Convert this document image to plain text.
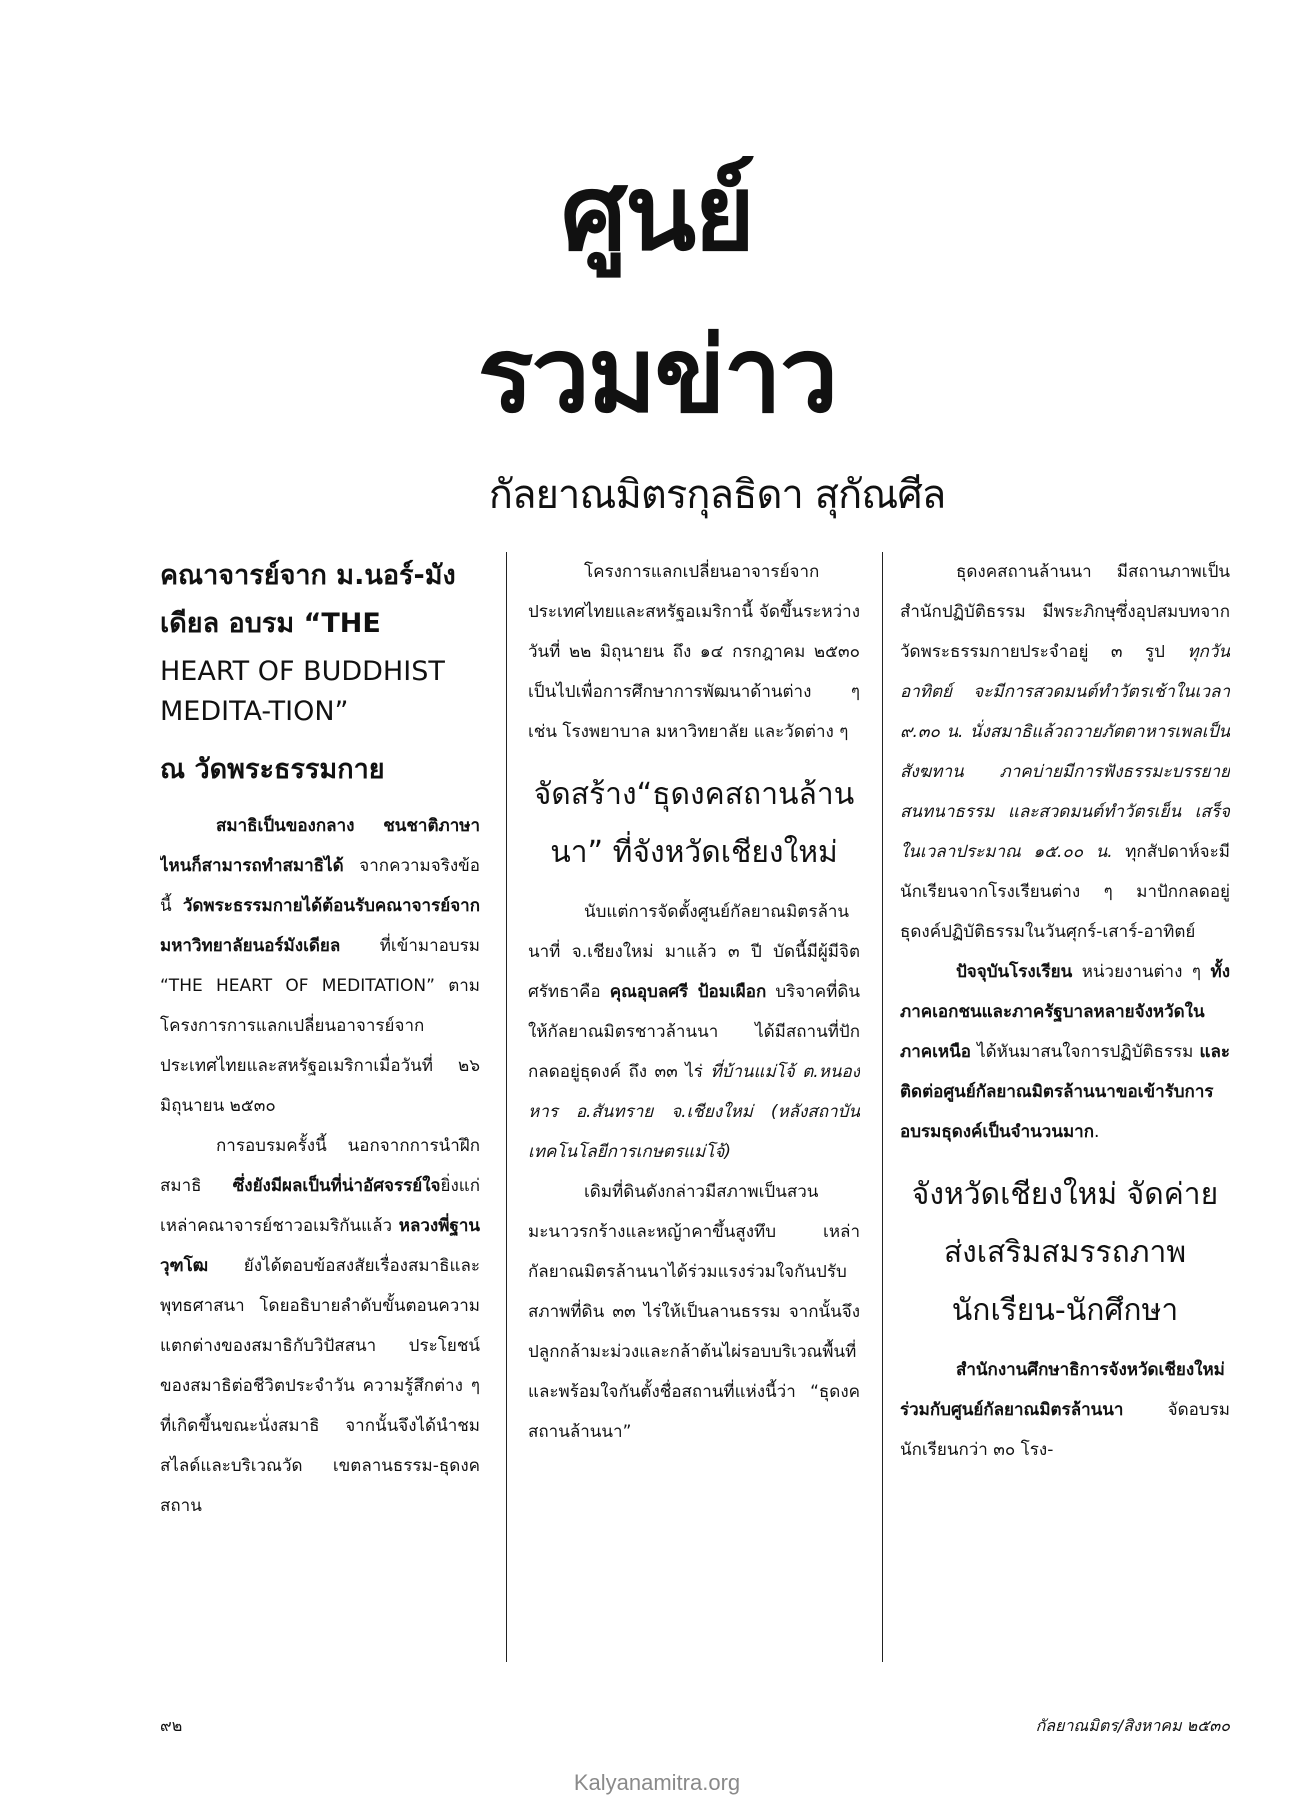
ศูนย์
รวมข่าว
กัลยาณมิตรกุลธิดา สุกัณศีล
คณาจารย์จาก ม.นอร์-มังเดียล อบรม “THE
HEART OF BUDDHIST MEDITA-TION”
ณ วัดพระธรรมกาย

สมาธิเป็นของกลาง ชนชาติภาษาไหนก็สามารถทำสมาธิได้ จากความจริงข้อนี้ วัดพระธรรมกายได้ต้อนรับคณาจารย์จากมหาวิทยาลัยนอร์มังเดียล ที่เข้ามาอบรม “THE HEART OF MEDITATION” ตามโครงการการแลกเปลี่ยนอาจารย์จากประเทศไทยและสหรัฐอเมริกาเมื่อวันที่ ๒๖ มิถุนายน ๒๕๓๐

การอบรมครั้งนี้ นอกจากการนำฝึกสมาธิ ซึ่งยังมีผลเป็นที่น่าอัศจรรย์ใจยิ่งแก่เหล่าคณาจารย์ชาวอเมริกันแล้ว หลวงพี่ฐานวุฑโฒ ยังได้ตอบข้อสงสัยเรื่องสมาธิและพุทธศาสนา โดยอธิบายลำดับขั้นตอนความแตกต่างของสมาธิกับวิปัสสนา ประโยชน์ของสมาธิต่อชีวิตประจำวัน ความรู้สึกต่าง ๆ ที่เกิดขึ้นขณะนั่งสมาธิ จากนั้นจึงได้นำชมสไลด์และบริเวณวัด เขตลานธรรม-ธุดงคสถาน

โครงการแลกเปลี่ยนอาจารย์จากประเทศไทยและสหรัฐอเมริกานี้ จัดขึ้นระหว่างวันที่ ๒๒ มิถุนายน ถึง ๑๔ กรกฎาคม ๒๕๓๐ เป็นไปเพื่อการศึกษาการพัฒนาด้านต่าง ๆ เช่น โรงพยาบาล มหาวิทยาลัย และวัดต่าง ๆ

จัดสร้าง“ธุดงคสถานล้านนา” ที่จังหวัดเชียงใหม่

นับแต่การจัดตั้งศูนย์กัลยาณมิตรล้านนาที่ จ.เชียงใหม่ มาแล้ว ๓ ปี บัดนี้มีผู้มีจิตศรัทธาคือ คุณอุบลศรี ป้อมเผือก บริจาคที่ดินให้กัลยาณมิตรชาวล้านนา ได้มีสถานที่ปักกลดอยู่ธุดงค์ ถึง ๓๓ ไร่ ที่บ้านแม่โจ้ ต.หนองหาร อ.สันทราย จ.เชียงใหม่ (หลังสถาบันเทคโนโลยีการเกษตรแม่โจ้)

เดิมที่ดินดังกล่าวมีสภาพเป็นสวนมะนาวรกร้างและหญ้าคาขึ้นสูงทึบ เหล่ากัลยาณมิตรล้านนาได้ร่วมแรงร่วมใจกันปรับสภาพที่ดิน ๓๓ ไร่ให้เป็นลานธรรม จากนั้นจึงปลูกกล้ามะม่วงและกล้าต้นไผ่รอบบริเวณพื้นที่ และพร้อมใจกันตั้งชื่อสถานที่แห่งนี้ว่า “ธุดงคสถานล้านนา”

ธุดงคสถานล้านนา มีสถานภาพเป็นสำนักปฏิบัติธรรม มีพระภิกษุซึ่งอุปสมบทจากวัดพระธรรมกายประจำอยู่ ๓ รูป ทุกวันอาทิตย์ จะมีการสวดมนต์ทำวัตรเช้าในเวลา ๙.๓๐ น. นั่งสมาธิแล้วถวายภัตตาหารเพลเป็นสังฆทาน ภาคบ่ายมีการฟังธรรมะบรรยาย สนทนาธรรม และสวดมนต์ทำวัตรเย็น เสร็จในเวลาประมาณ ๑๕.๐๐ น. ทุกสัปดาห์จะมีนักเรียนจากโรงเรียนต่าง ๆ มาปักกลดอยู่ธุดงค์ปฏิบัติธรรมในวันศุกร์-เสาร์-อาทิตย์

ปัจจุบันโรงเรียน หน่วยงานต่าง ๆ ทั้งภาคเอกชนและภาครัฐบาลหลายจังหวัดในภาคเหนือ ได้หันมาสนใจการปฏิบัติธรรม และติดต่อศูนย์กัลยาณมิตรล้านนาขอเข้ารับการอบรมธุดงค์เป็นจำนวนมาก.

จังหวัดเชียงใหม่ จัดค่ายส่งเสริมสมรรถภาพนักเรียน-นักศึกษา

สำนักงานศึกษาธิการจังหวัดเชียงใหม่ ร่วมกับศูนย์กัลยาณมิตรล้านนา จัดอบรมนักเรียนกว่า ๓๐ โรง-

๙๒	กัลยาณมิตร/สิงหาคม ๒๕๓๐
Kalyanamitra.org
